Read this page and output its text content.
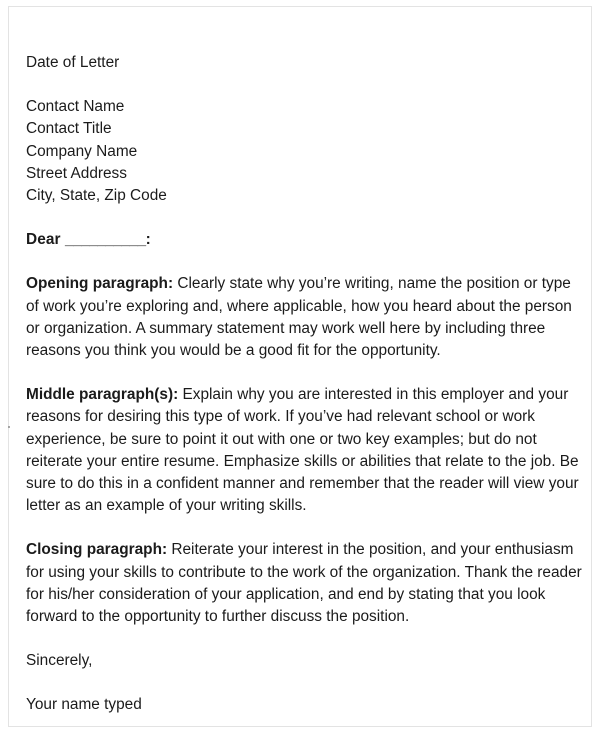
Date of Letter
Contact Name
Contact Title
Company Name
Street Address
City, State, Zip Code
Dear __________:

Opening paragraph: Clearly state why you’re writing, name the position or type of work you’re exploring and, where applicable, how you heard about the person or organization. A summary statement may work well here by including three reasons you think you would be a good fit for the opportunity.

Middle paragraph(s): Explain why you are interested in this employer and your reasons for desiring this type of work. If you’ve had relevant school or work experience, be sure to point it out with one or two key examples; but do not reiterate your entire resume. Emphasize skills or abilities that relate to the job. Be sure to do this in a confident manner and remember that the reader will view your letter as an example of your writing skills.

Closing paragraph: Reiterate your interest in the position, and your enthusiasm for using your skills to contribute to the work of the organization. Thank the reader for his/her consideration of your application, and end by stating that you look forward to the opportunity to further discuss the position.

Sincerely,
Your name typed
